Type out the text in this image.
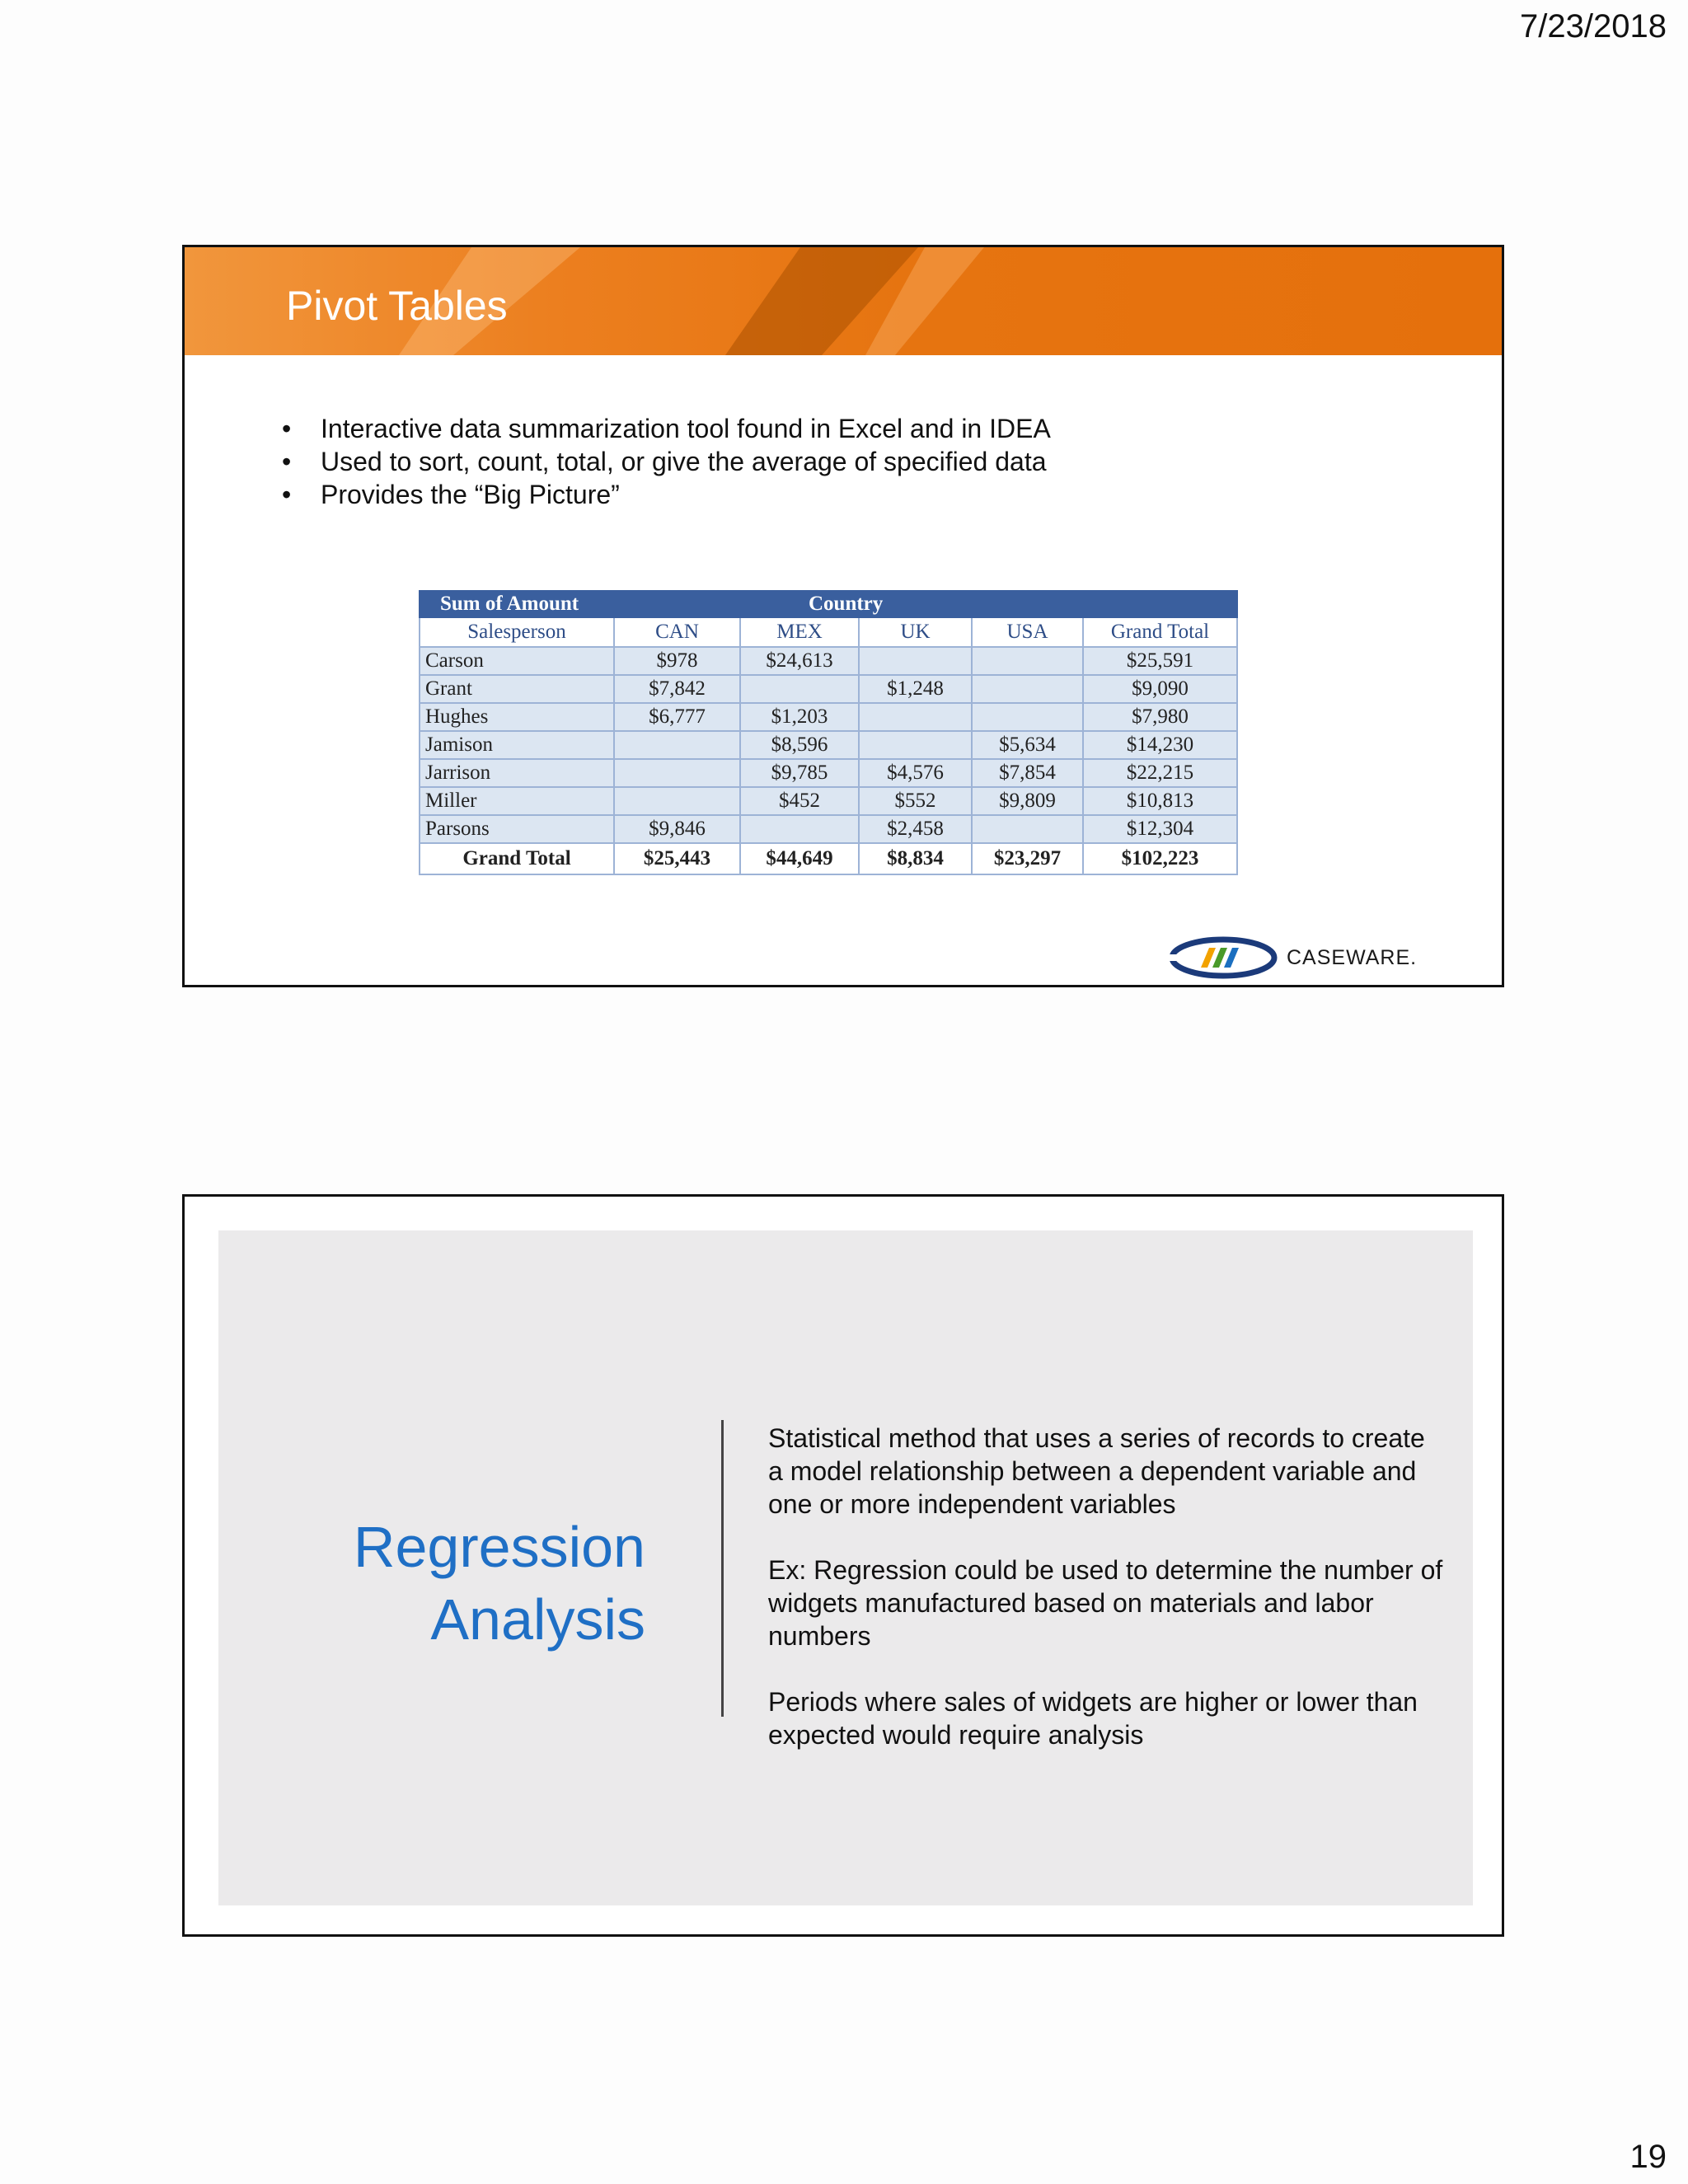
7/23/2018
Pivot Tables
• Interactive data summarization tool found in Excel and in IDEA
• Used to sort, count, total, or give the average of specified data
• Provides the “Big Picture”
Sum of Amount	Country				
Salesperson	CAN	MEX	UK	USA	Grand Total
Carson	$978	$24,613			$25,591
Grant	$7,842		$1,248		$9,090
Hughes	$6,777	$1,203			$7,980
Jamison		$8,596		$5,634	$14,230
Jarrison		$9,785	$4,576	$7,854	$22,215
Miller		$452	$552	$9,809	$10,813
Parsons	$9,846		$2,458		$12,304
Grand Total	$25,443	$44,649	$8,834	$23,297	$102,223
CASEWARE.
Regression
Analysis

Statistical method that uses a series of records to create a model relationship between a dependent variable and one or more independent variables

Ex: Regression could be used to determine the number of widgets manufactured based on materials and labor numbers

Periods where sales of widgets are higher or lower than expected would require analysis

19
